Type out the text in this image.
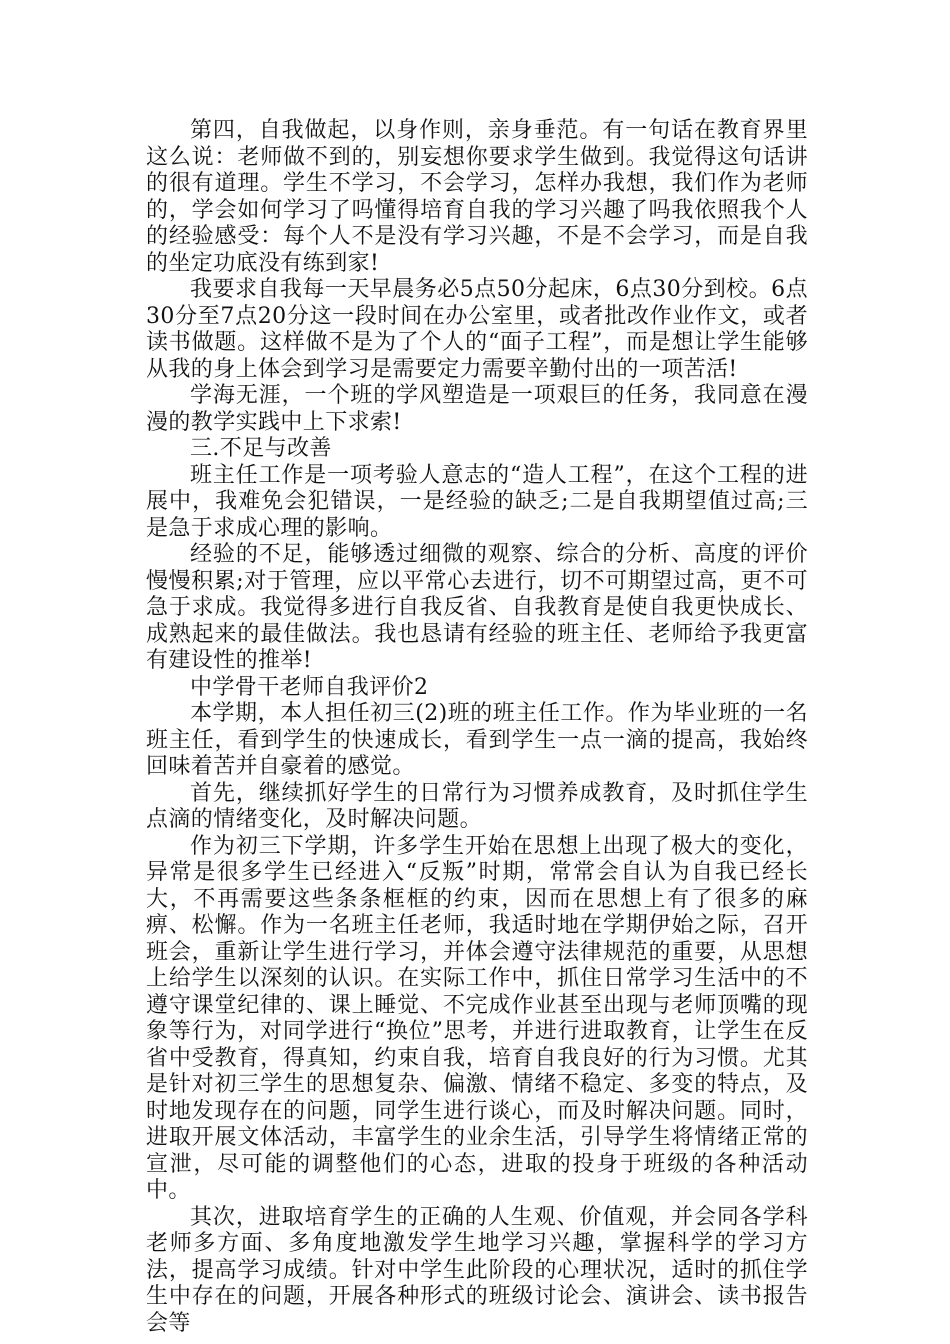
第四，自我做起，以身作则，亲身垂范。有一句话在教育界里这么说：老师做不到的，别妄想你要求学生做到。我觉得这句话讲的很有道理。学生不学习，不会学习，怎样办我想，我们作为老师的，学会如何学习了吗懂得培育自我的学习兴趣了吗我依照我个人的经验感受：每个人不是没有学习兴趣，不是不会学习，而是自我的坐定功底没有练到家!

我要求自我每一天早晨务必5点50分起床，6点30分到校。6点30分至7点20分这一段时间在办公室里，或者批改作业作文，或者读书做题。这样做不是为了个人的“面子工程”，而是想让学生能够从我的身上体会到学习是需要定力需要辛勤付出的一项苦活!

学海无涯，一个班的学风塑造是一项艰巨的任务，我同意在漫漫的教学实践中上下求索!

三.不足与改善

班主任工作是一项考验人意志的“造人工程”，在这个工程的进展中，我难免会犯错误，一是经验的缺乏;二是自我期望值过高;三是急于求成心理的影响。

经验的不足，能够透过细微的观察、综合的分析、高度的评价慢慢积累;对于管理，应以平常心去进行，切不可期望过高，更不可急于求成。我觉得多进行自我反省、自我教育是使自我更快成长、成熟起来的最佳做法。我也恳请有经验的班主任、老师给予我更富有建设性的推举!

中学骨干老师自我评价2

本学期，本人担任初三(2)班的班主任工作。作为毕业班的一名班主任，看到学生的快速成长，看到学生一点一滴的提高，我始终回味着苦并自豪着的感觉。

首先，继续抓好学生的日常行为习惯养成教育，及时抓住学生点滴的情绪变化，及时解决问题。

作为初三下学期，许多学生开始在思想上出现了极大的变化，异常是很多学生已经进入“反叛”时期，常常会自认为自我已经长大，不再需要这些条条框框的约束，因而在思想上有了很多的麻痹、松懈。作为一名班主任老师，我适时地在学期伊始之际，召开班会，重新让学生进行学习，并体会遵守法律规范的重要，从思想上给学生以深刻的认识。在实际工作中，抓住日常学习生活中的不遵守课堂纪律的、课上睡觉、不完成作业甚至出现与老师顶嘴的现象等行为，对同学进行“换位”思考，并进行进取教育，让学生在反省中受教育，得真知，约束自我，培育自我良好的行为习惯。尤其是针对初三学生的思想复杂、偏激、情绪不稳定、多变的特点，及时地发现存在的问题，同学生进行谈心，而及时解决问题。同时，进取开展文体活动，丰富学生的业余生活，引导学生将情绪正常的宣泄，尽可能的调整他们的心态，进取的投身于班级的各种活动中。

其次，进取培育学生的正确的人生观、价值观，并会同各学科老师多方面、多角度地激发学生地学习兴趣，掌握科学的学习方法，提高学习成绩。针对中学生此阶段的心理状况，适时的抓住学生中存在的问题，开展各种形式的班级讨论会、演讲会、读书报告会等
